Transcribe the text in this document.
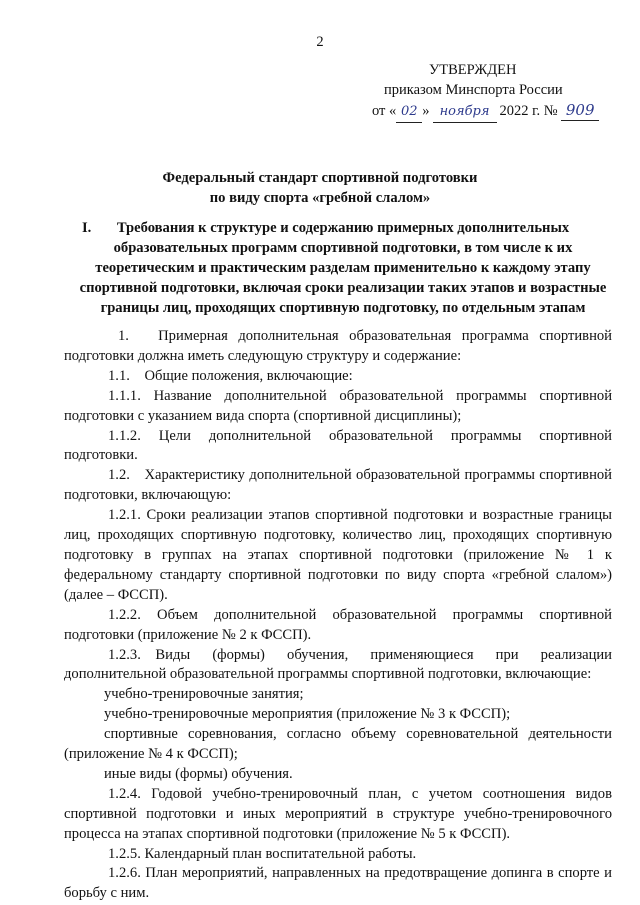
2
УТВЕРЖДЕН
приказом Минспорта России
от « 02 » ноября 2022 г. № 909
Федеральный стандарт спортивной подготовки
по виду спорта «гребной слалом»
I.	Требования к структуре и содержанию примерных дополнительных образовательных программ спортивной подготовки, в том числе к их теоретическим и практическим разделам применительно к каждому этапу спортивной подготовки, включая сроки реализации таких этапов и возрастные границы лиц, проходящих спортивную подготовку, по отдельным этапам

1.  Примерная дополнительная образовательная программа спортивной подготовки должна иметь следующую структуру и содержание:

1.1. Общие положения, включающие:

1.1.1. Название дополнительной образовательной программы спортивной подготовки с указанием вида спорта (спортивной дисциплины);

1.1.2. Цели дополнительной образовательной программы спортивной подготовки.

1.2. Характеристику дополнительной образовательной программы спортивной подготовки, включающую:

1.2.1. Сроки реализации этапов спортивной подготовки и возрастные границы лиц, проходящих спортивную подготовку, количество лиц, проходящих спортивную подготовку в группах на этапах спортивной подготовки (приложение № 1 к федеральному стандарту спортивной подготовки по виду спорта «гребной слалом») (далее – ФССП).

1.2.2. Объем дополнительной образовательной программы спортивной подготовки (приложение № 2 к ФССП).

1.2.3. Виды (формы) обучения, применяющиеся при реализации дополнительной образовательной программы спортивной подготовки, включающие:

учебно-тренировочные занятия;

учебно-тренировочные мероприятия (приложение № 3 к ФССП);

спортивные соревнования, согласно объему соревновательной деятельности (приложение № 4 к ФССП);

иные виды (формы) обучения.

1.2.4. Годовой учебно-тренировочный план, с учетом соотношения видов спортивной подготовки и иных мероприятий в структуре учебно-тренировочного процесса на этапах спортивной подготовки (приложение № 5 к ФССП).

1.2.5. Календарный план воспитательной работы.

1.2.6. План мероприятий, направленных на предотвращение допинга в спорте и борьбу с ним.
